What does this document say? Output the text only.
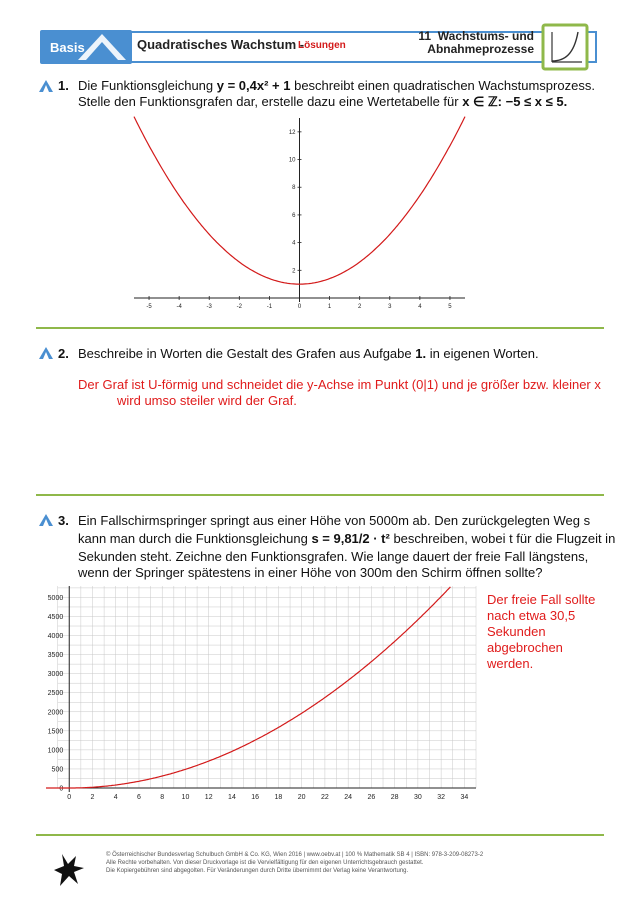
Basis	Quadratisches Wachstum -
Lösungen
11 Wachstums- und
Abnahmeprozesse
1. Die Funktionsgleichung y = 0,4x² + 1 beschreibt einen quadratischen Wachstumsprozess.
Stelle den Funktionsgrafen dar, erstelle dazu eine Wertetabelle für x ∈ ℤ: −5 ≤ x ≤ 5.
-5	-4	-3	-2	-1	0	1	2	3	4	5
2
4
6
8
10
12
2. Beschreibe in Worten die Gestalt des Grafen aus Aufgabe 1. in eigenen Worten.
Der Graf ist U-förmig und schneidet die y-Achse im Punkt (0|1) und je größer bzw. kleiner x
wird umso steiler wird der Graf.
3. Ein Fallschirmspringer springt aus einer Höhe von 5000m ab. Den zurückgelegten Weg s
kann man durch die Funktionsgleichung s = 9,81/2 · t² beschreiben, wobei t für die Flugzeit in
Sekunden steht. Zeichne den Funktionsgrafen. Wie lange dauert der freie Fall längstens,
wenn der Springer spätestens in einer Höhe von 300m den Schirm öffnen sollte?
0	2	4	6	8 10 12 14 16 18 20 22 24 26 28 30 32 34
0
500
1000
1500
2000
2500
3000
3500
4000
4500
5000	Der freie Fall sollte
nach etwa 30,5
Sekunden
abgebrochen
werden.
© Österreichischer Bundesverlag Schulbuch GmbH & Co. KG, Wien 2016 | www.oebv.at | 100 % Mathematik SB 4 | ISBN: 978-3-209-08273-2
Alle Rechte vorbehalten. Von dieser Druckvorlage ist die Vervielfältigung für den eigenen Unterrichtsgebrauch gestattet.
Die Kopiergebühren sind abgegolten. Für Veränderungen durch Dritte übernimmt der Verlag keine Verantwortung.
